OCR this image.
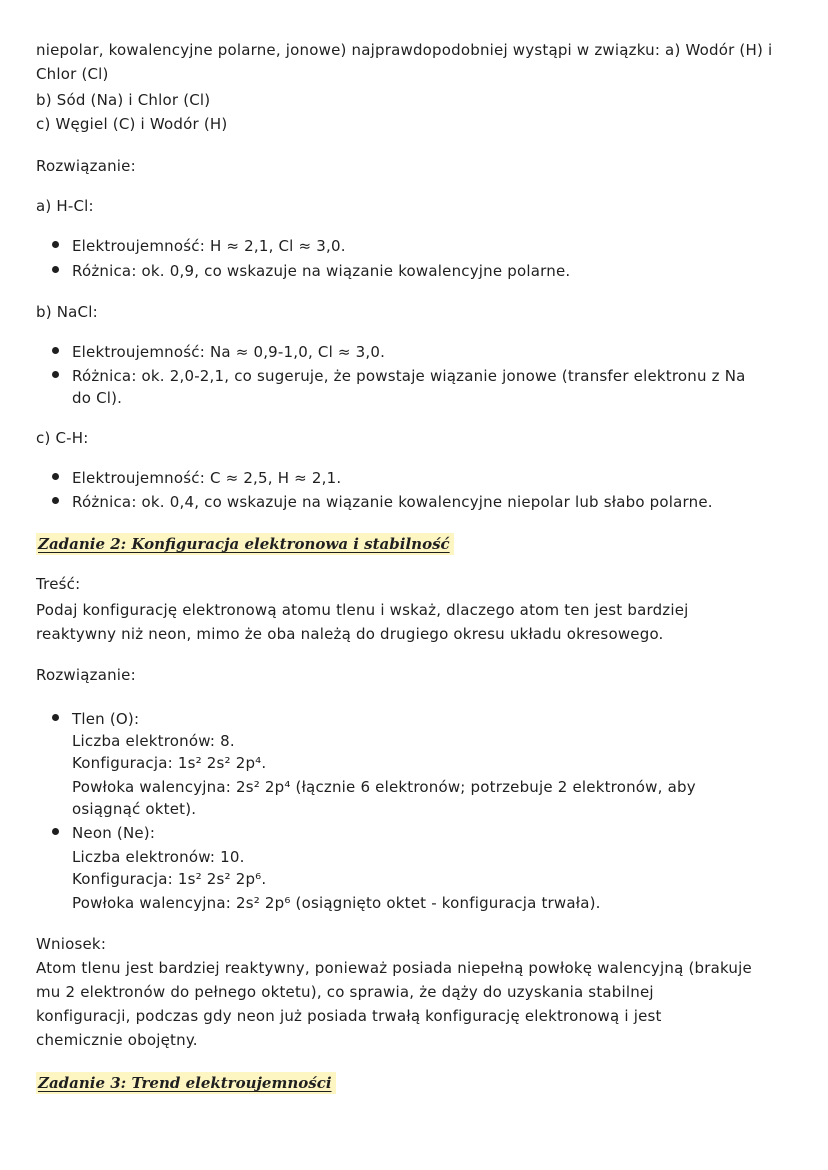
niepolar, kowalencyjne polarne, jonowe) najprawdopodobniej wystąpi w związku: a) Wodór (H) i
Chlor (Cl)
b) Sód (Na) i Chlor (Cl)
c) Węgiel (C) i Wodór (H)
Rozwiązanie:
a) H-Cl:
Elektroujemność: H ≈ 2,1, Cl ≈ 3,0.
Różnica: ok. 0,9, co wskazuje na wiązanie kowalencyjne polarne.
b) NaCl:
Elektroujemność: Na ≈ 0,9-1,0, Cl ≈ 3,0.
Różnica: ok. 2,0-2,1, co sugeruje, że powstaje wiązanie jonowe (transfer elektronu z Na
do Cl).
c) C-H:
Elektroujemność: C ≈ 2,5, H ≈ 2,1.
Różnica: ok. 0,4, co wskazuje na wiązanie kowalencyjne niepolar lub słabo polarne.
Zadanie 2: Konfiguracja elektronowa i stabilność
Treść:
Podaj konfigurację elektronową atomu tlenu i wskaż, dlaczego atom ten jest bardziej
reaktywny niż neon, mimo że oba należą do drugiego okresu układu okresowego.
Rozwiązanie:
Tlen (O):
Liczba elektronów: 8.
Konfiguracja: 1s² 2s² 2p⁴.
Powłoka walencyjna: 2s² 2p⁴ (łącznie 6 elektronów; potrzebuje 2 elektronów, aby
osiągnąć oktet).
Neon (Ne):
Liczba elektronów: 10.
Konfiguracja: 1s² 2s² 2p⁶.
Powłoka walencyjna: 2s² 2p⁶ (osiągnięto oktet - konfiguracja trwała).
Wniosek:
Atom tlenu jest bardziej reaktywny, ponieważ posiada niepełną powłokę walencyjną (brakuje
mu 2 elektronów do pełnego oktetu), co sprawia, że dąży do uzyskania stabilnej
konfiguracji, podczas gdy neon już posiada trwałą konfigurację elektronową i jest
chemicznie obojętny.
Zadanie 3: Trend elektroujemności
